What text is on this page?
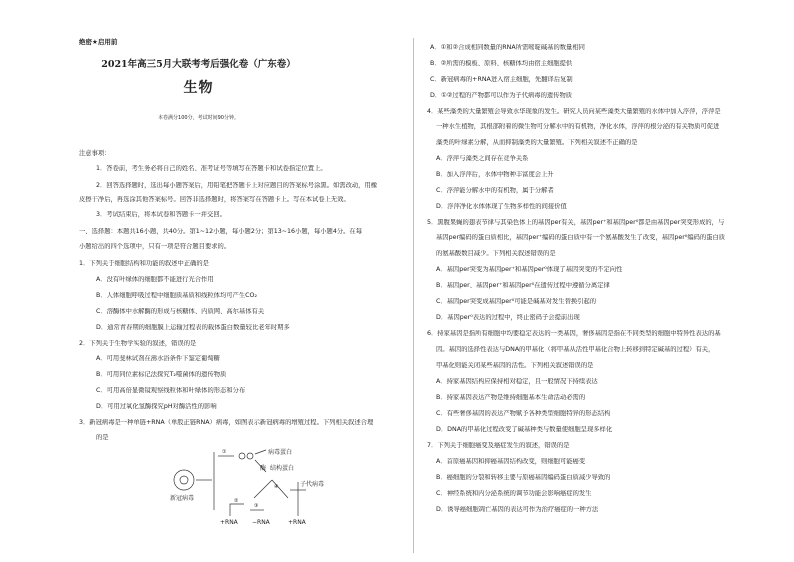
绝密★启用前
2021年高三5月大联考考后强化卷（广东卷）
生物
本卷满分100分，考试时间90分钟。
注意事项：
1．答卷前，考生务必将自己的姓名、准考证号等填写在答题卡和试卷指定位置上。
2．回答选择题时，选出每小题答案后，用铅笔把答题卡上对应题目的答案标号涂黑。如需改动，用橡
皮擦干净后，再选涂其他答案标号。回答非选择题时，将答案写在答题卡上。写在本试卷上无效。
3．考试结束后，将本试卷和答题卡一并交回。
一、选择题：本题共16小题，共40分。第1~12小题，每小题2分；第13~16小题，每小题4分。在每
小题给出的四个选项中，只有一项是符合题目要求的。
1．下列关于细胞结构和功能的叙述中正确的是
A．没有叶绿体的细胞都不能进行光合作用
B．人体细胞呼吸过程中细胞质基质和线粒体均可产生CO₂
C．溶酶体中水解酶的形成与核糖体、内质网、高尔基体有关
D．通常青春期的细胞膜上运输过程表的载体蛋白数量较比老年时期多
2．下列关于生物学实验的叙述，错误的是
A．可用斐林试剂在沸水浴条件下鉴定葡萄糖
B．可用同位素标记法探究T₂噬菌体的遗传物质
C．可用高倍显微镜观察线粒体和叶绿体的形态和分布
D．可用过氧化氢酶探究pH对酶活性的影响
3．新冠病毒是一种单链+RNA（单股正链RNA）病毒，如图表示新冠病毒的增殖过程。下列相关叙述合理
的是
新冠病毒
病毒蛋白
酶 结构蛋白
子代病毒
+RNA −RNA	+RNA
①
②
③
④
A．①和②合成相同数量的RNA所需嘧啶碱基的数量相同
B．②所需的模板、原料、核糖体均由宿主细胞提供
C．新冠病毒的+RNA进入宿主细胞，先翻译后复制
D．①②过程的产物都可以作为子代病毒的遗传物质
4．某些藻类的大量繁殖会导致水华现象的发生。研究人员向某些藻类大量繁殖的水体中加入浮萍，浮萍是
一种水生植物，其根部附着的微生物可分解水中的有机物，净化水体，浮萍的根分泌的有关物质可促进
藻类的叶绿素分解，从而抑制藻类的大量繁殖。下列相关叙述不正确的是
A．浮萍与藻类之间存在竞争关系
B．加入浮萍后，水体中物种丰富度会上升
C．浮萍能分解水中的有机物，属于分解者
D．浮萍净化水体体现了生物多样性的间接价值
5．黑腹果蝇的翅表节律与其染色体上的基因per有关，基因per⁺和基因per⁰都是由基因per突变形成的，与
基因per编码的蛋白质相比，基因per⁺编码的蛋白质中有一个氨基酸发生了改变，基因per⁰编码的蛋白质
的氨基酸数目减少。下列相关叙述错误的是
A．基因per突变为基因per⁺和基因per⁰体现了基因突变的不定向性
B．基因per、基因per⁺和基因per⁰在遗传过程中遵循分离定律
C．基因per突变成基因per⁰可能是碱基对发生替换引起的
D．基因per⁰表达的过程中，终止密码子会提前出现
6．持家基因是指所有细胞中均要稳定表达的一类基因，奢侈基因是指在不同类型的细胞中特异性表达的基
因。基因的选择性表达与DNA的甲基化（将甲基从活性甲基化合物上转移到特定碱基的过程）有关，
甲基化则能关闭某些基因的活性。下列相关叙述错误的是
A．持家基因结构应保持相对稳定，且一般情况下持续表达
B．持家基因表达产物是维持细胞基本生命活动必需的
C．有些奢侈基因的表达产物赋予各种类型细胞特异的形态结构
D．DNA的甲基化过程改变了碱基种类与数量使细胞呈现多样化
7．下列关于细胞癌变及癌症发生的叙述，错误的是
A．首原癌基因和抑癌基因结构改变，则细胞可能癌变
B．癌细胞的分裂和转移主要与原癌基因编码蛋白质减少导致的
C．神经系统和内分泌系统的调节功能会影响癌症的发生
D．诱导癌细胞凋亡基因的表达可作为治疗癌症的一种方法
